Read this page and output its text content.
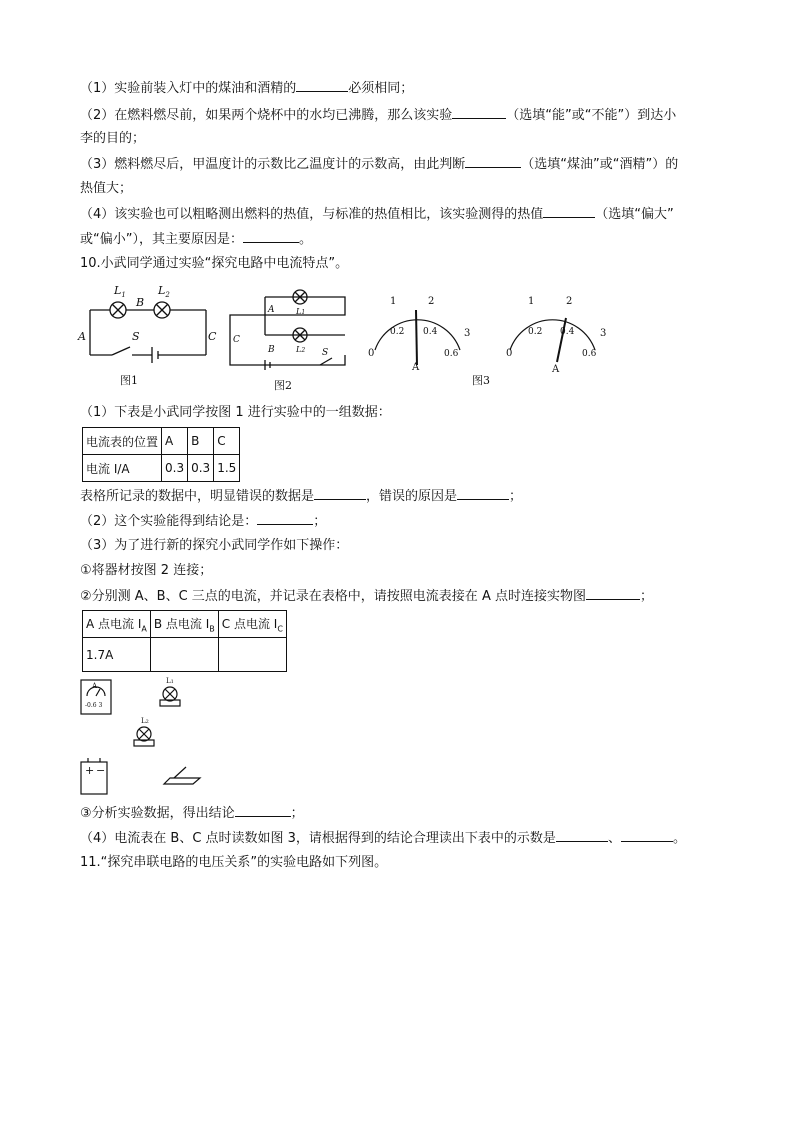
（1）实验前装入灯中的煤油和酒精的	必须相同；
（2）在燃料燃尽前，如果两个烧杯中的水均已沸腾，那么该实验	（选填“能”或“不能”）到达小
李的目的；
（3）燃料燃尽后，甲温度计的示数比乙温度计的示数高，由此判断	（选填“煤油”或“酒精”）的
热值大；
（4）该实验也可以粗略测出燃料的热值，与标准的热值相比，该实验测得的热值	（选填“偏大”
或“偏小”），其主要原因是：	。
10.小武同学通过实验“探究电路中电流特点”。
$L_1$	$L_2$
B
A	C
S
A
B
C
L1
L2 S
1	2
3
0
0.2 0.4
0.6
A
1	2
3
0
0.2 0.4
0.6
A
图1	图2	图3
（1）下表是小武同学按图 1 进行实验中的一组数据：
电流表的位置	A	B	C
电流 I/A	0.3	0.3	1.5
表格所记录的数据中，明显错误的数据是	，错误的原因是	；
（2）这个实验能得到结论是：	；
（3）为了进行新的探究小武同学作如下操作：
①将器材按图 2 连接；
②分别测 A、B、C 三点的电流，并记录在表格中，请按照电流表接在 A 点时连接实物图	；
A 点电流 $I_A$	B 点电流 $I_B$	C 点电流 $I_C$
1.7A		
A
-0.6 3
L1
L2
+ −
③分析实验数据，得出结论	；
（4）电流表在 B、C 点时读数如图 3，请根据得到的结论合理读出下表中的示数是	、	。
11.“探究串联电路的电压关系”的实验电路如下列图。
